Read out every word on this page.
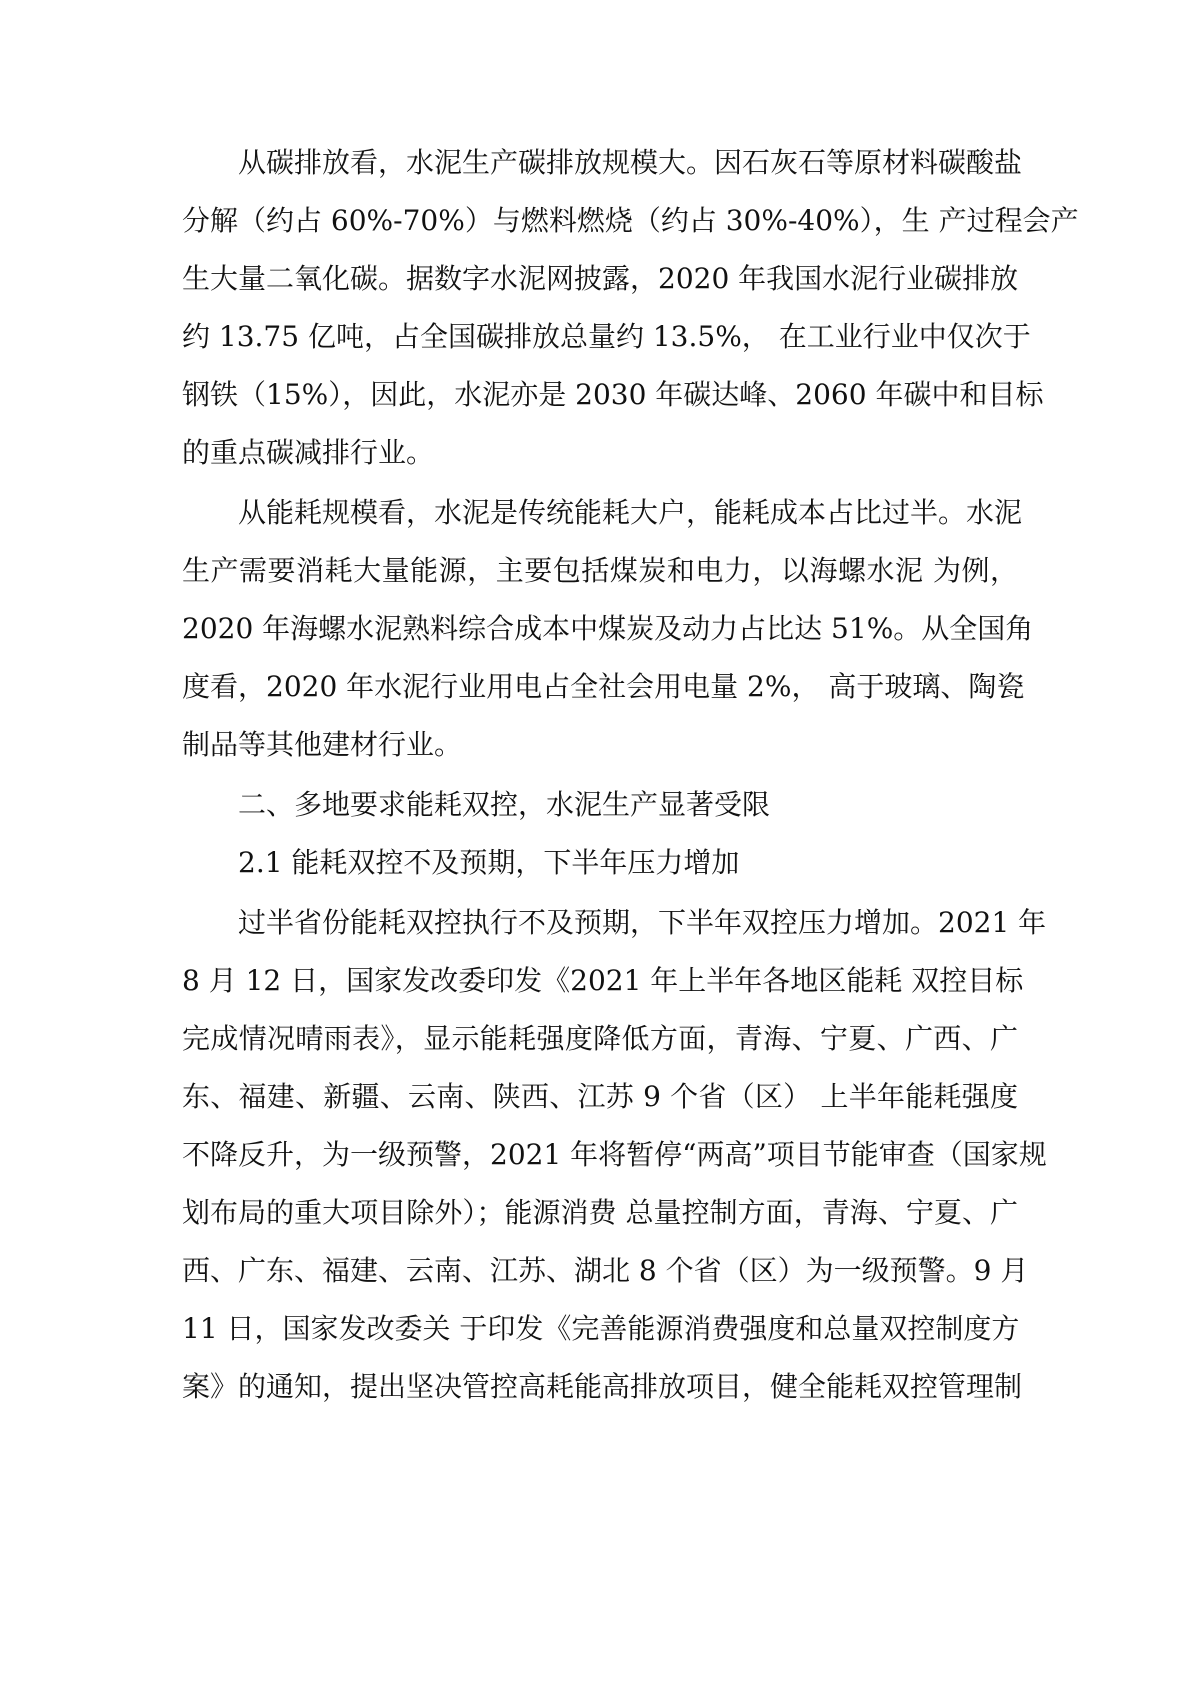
从碳排放看，水泥生产碳排放规模大。因石灰石等原材料碳酸盐
分解（约占 60%-70%）与燃料燃烧（约占 30%-40%），生 产过程会产
生大量二氧化碳。据数字水泥网披露，2020 年我国水泥行业碳排放
约 13.75 亿吨，占全国碳排放总量约 13.5%， 在工业行业中仅次于
钢铁（15%），因此，水泥亦是 2030 年碳达峰、2060 年碳中和目标
的重点碳减排行业。
从能耗规模看，水泥是传统能耗大户，能耗成本占比过半。水泥
生产需要消耗大量能源，主要包括煤炭和电力，以海螺水泥 为例，
2020 年海螺水泥熟料综合成本中煤炭及动力占比达 51%。从全国角
度看，2020 年水泥行业用电占全社会用电量 2%， 高于玻璃、陶瓷
制品等其他建材行业。
二、多地要求能耗双控，水泥生产显著受限
2.1 能耗双控不及预期，下半年压力增加
过半省份能耗双控执行不及预期，下半年双控压力增加。2021 年
8 月 12 日，国家发改委印发《2021 年上半年各地区能耗 双控目标
完成情况晴雨表》，显示能耗强度降低方面，青海、宁夏、广西、广
东、福建、新疆、云南、陕西、江苏 9 个省（区） 上半年能耗强度
不降反升，为一级预警，2021 年将暂停“两高”项目节能审查（国家规
划布局的重大项目除外）；能源消费 总量控制方面，青海、宁夏、广
西、广东、福建、云南、江苏、湖北 8 个省（区）为一级预警。9 月
11 日，国家发改委关 于印发《完善能源消费强度和总量双控制度方
案》的通知，提出坚决管控高耗能高排放项目，健全能耗双控管理制
